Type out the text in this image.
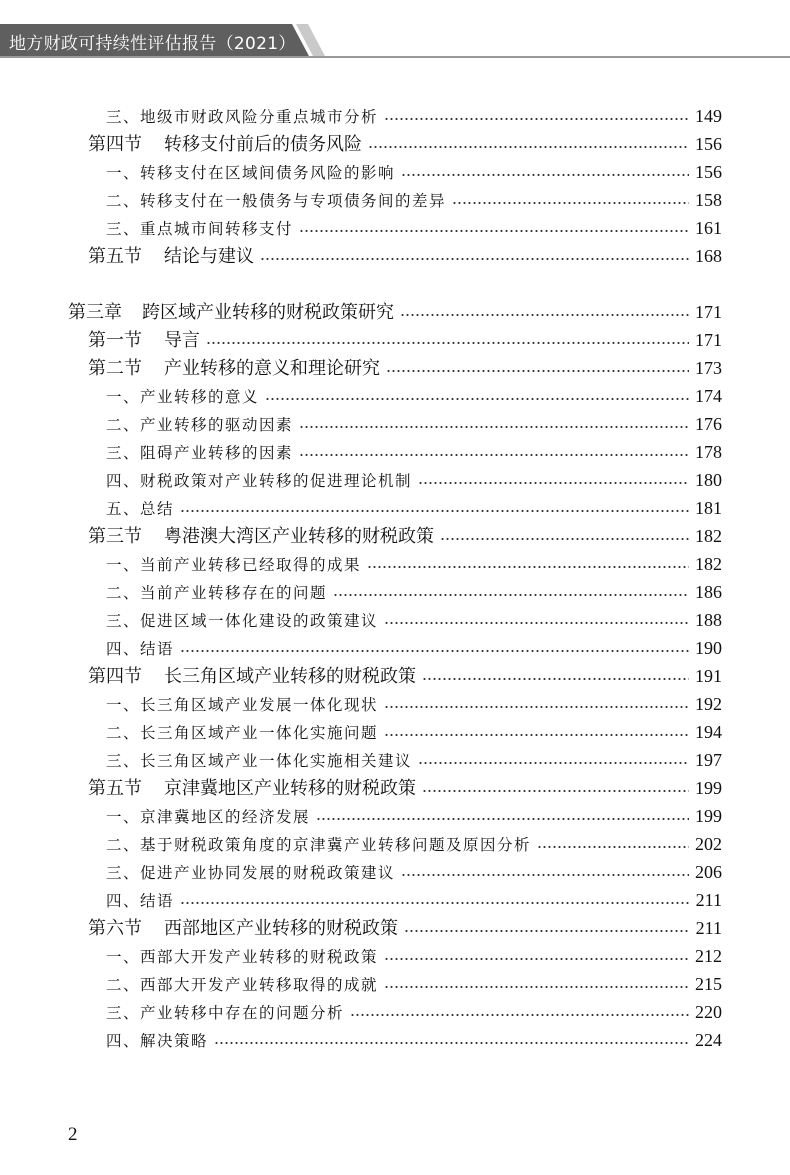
地方财政可持续性评估报告（2021）
三、地级市财政风险分重点城市分析	149
第四节 转移支付前后的债务风险	156
一、转移支付在区域间债务风险的影响	156
二、转移支付在一般债务与专项债务间的差异	158
三、重点城市间转移支付	161
第五节 结论与建议	168
第三章 跨区域产业转移的财税政策研究	171
第一节 导言	171
第二节 产业转移的意义和理论研究	173
一、产业转移的意义	174
二、产业转移的驱动因素	176
三、阻碍产业转移的因素	178
四、财税政策对产业转移的促进理论机制	180
五、总结	181
第三节 粤港澳大湾区产业转移的财税政策	182
一、当前产业转移已经取得的成果	182
二、当前产业转移存在的问题	186
三、促进区域一体化建设的政策建议	188
四、结语	190
第四节 长三角区域产业转移的财税政策	191
一、长三角区域产业发展一体化现状	192
二、长三角区域产业一体化实施问题	194
三、长三角区域产业一体化实施相关建议	197
第五节 京津冀地区产业转移的财税政策	199
一、京津冀地区的经济发展	199
二、基于财税政策角度的京津冀产业转移问题及原因分析	202
三、促进产业协同发展的财税政策建议	206
四、结语	211
第六节 西部地区产业转移的财税政策	211
一、西部大开发产业转移的财税政策	212
二、西部大开发产业转移取得的成就	215
三、产业转移中存在的问题分析	220
四、解决策略	224
2
